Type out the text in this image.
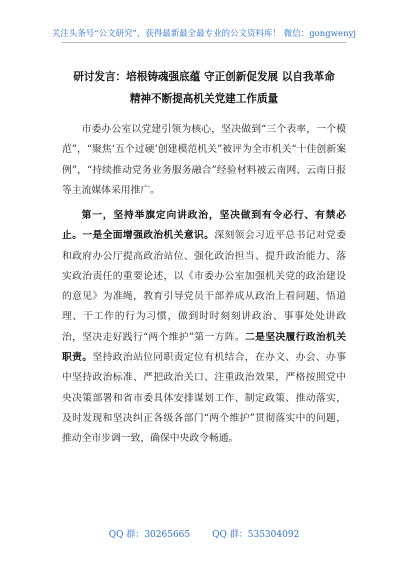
关注头条号“公文研究”，获得最新最全最专业的公文资料库！ 微信：gongwenyj
研讨发言：培根铸魂强底蕴 守正创新促发展 以自我革命
精神不断提高机关党建工作质量

市委办公室以党建引领为核心，坚决做到“三个表率，一个模范”，“聚焦‘五个过硬’创建模范机关”被评为全市机关“十佳创新案例”，“持续推动党务业务服务融合”经验材料被云南网、云南日报等主流媒体采用推广。

第一，坚持举旗定向讲政治，坚决做到有令必行、有禁必止。一是全面增强政治机关意识。深刻领会习近平总书记对党委和政府办公厅提高政治站位、强化政治担当、提升政治能力、落实政治责任的重要论述，以《市委办公室加强机关党的政治建设的意见》为准绳，教育引导党员干部养成从政治上看问题、悟道理、干工作的行为习惯，做到时时刻刻讲政治、事事处处讲政治，坚决走好践行“两个维护”第一方阵。二是坚决履行政治机关职责。坚持政治站位同职责定位有机结合，在办文、办会、办事中坚持政治标准、严把政治关口、注重政治效果，严格按照党中央决策部署和省市委具体安排谋划工作、制定政策、推动落实，及时发现和坚决纠正各级各部门“两个维护”贯彻落实中的问题，推动全市步调一致，确保中央政令畅通。

QQ 群：30265665 QQ 群：535304092
